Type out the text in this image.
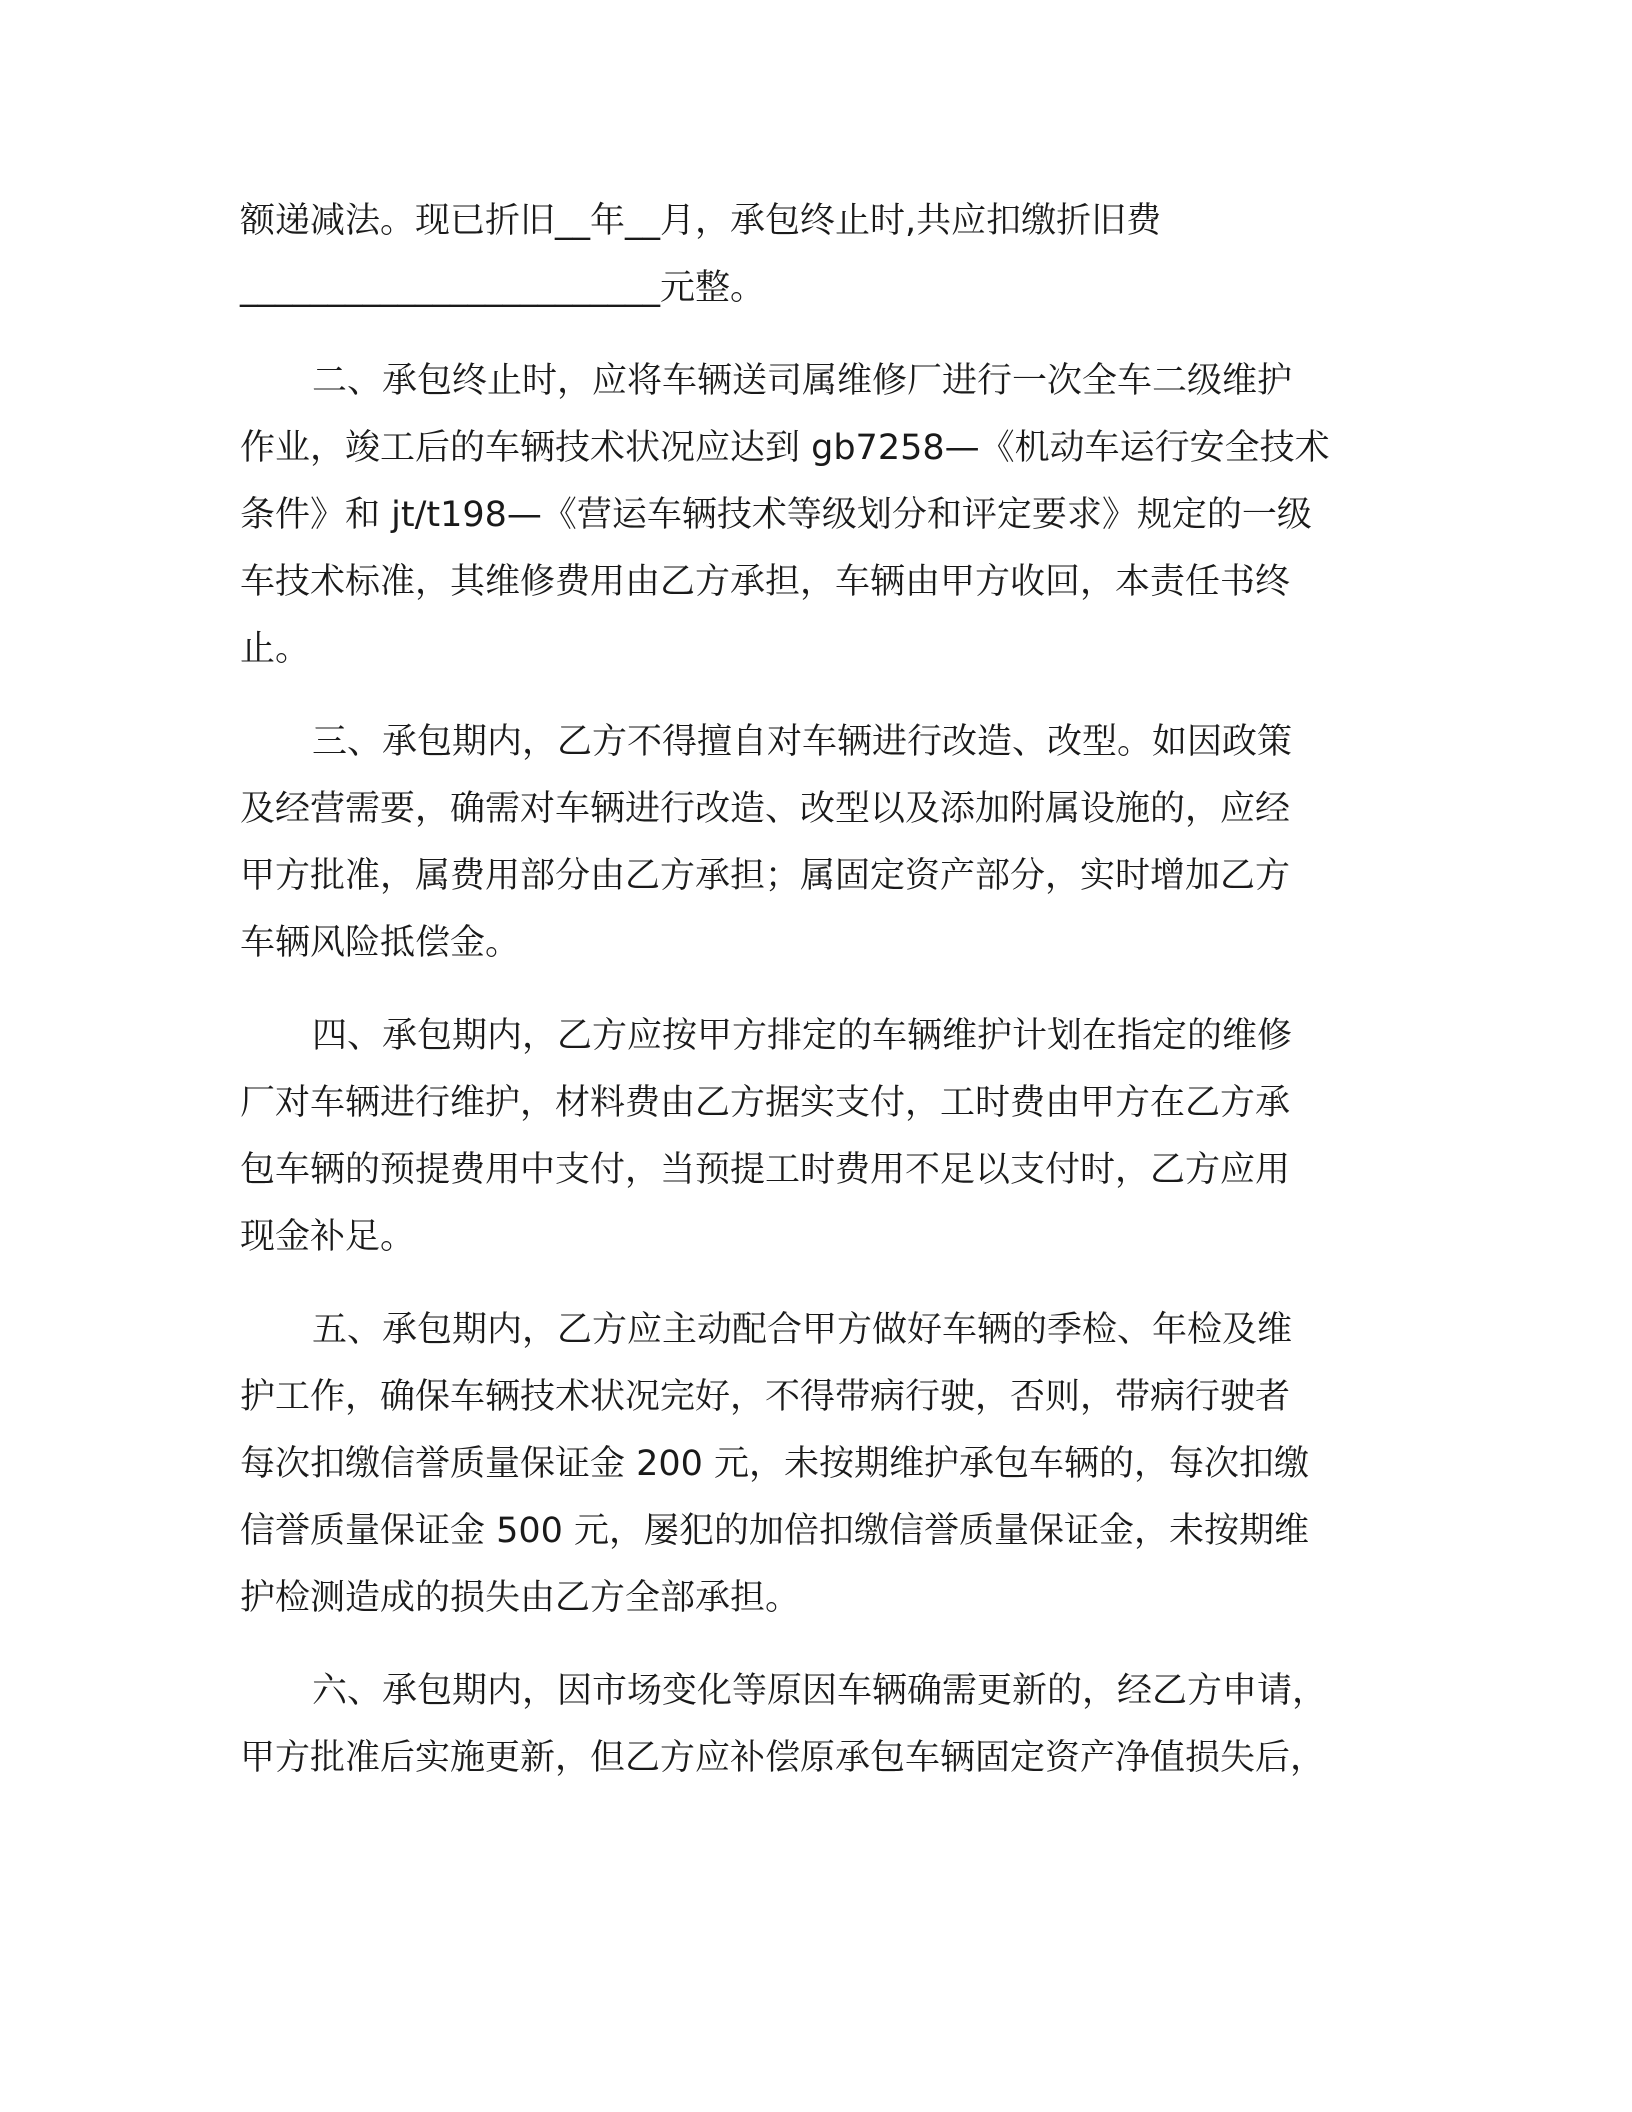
额递减法。现已折旧__年__月，承包终止时,共应扣缴折旧费
________________________元整。
二、承包终止时，应将车辆送司属维修厂进行一次全车二级维护
作业，竣工后的车辆技术状况应达到 gb7258—《机动车运行安全技术
条件》和 jt/t198—《营运车辆技术等级划分和评定要求》规定的一级
车技术标准，其维修费用由乙方承担，车辆由甲方收回，本责任书终
止。
三、承包期内，乙方不得擅自对车辆进行改造、改型。如因政策
及经营需要，确需对车辆进行改造、改型以及添加附属设施的，应经
甲方批准，属费用部分由乙方承担；属固定资产部分，实时增加乙方
车辆风险抵偿金。
四、承包期内，乙方应按甲方排定的车辆维护计划在指定的维修
厂对车辆进行维护，材料费由乙方据实支付，工时费由甲方在乙方承
包车辆的预提费用中支付，当预提工时费用不足以支付时，乙方应用
现金补足。
五、承包期内，乙方应主动配合甲方做好车辆的季检、年检及维
护工作，确保车辆技术状况完好，不得带病行驶，否则，带病行驶者
每次扣缴信誉质量保证金 200 元，未按期维护承包车辆的，每次扣缴
信誉质量保证金 500 元，屡犯的加倍扣缴信誉质量保证金，未按期维
护检测造成的损失由乙方全部承担。
六、承包期内，因市场变化等原因车辆确需更新的，经乙方申请，
甲方批准后实施更新，但乙方应补偿原承包车辆固定资产净值损失后，
